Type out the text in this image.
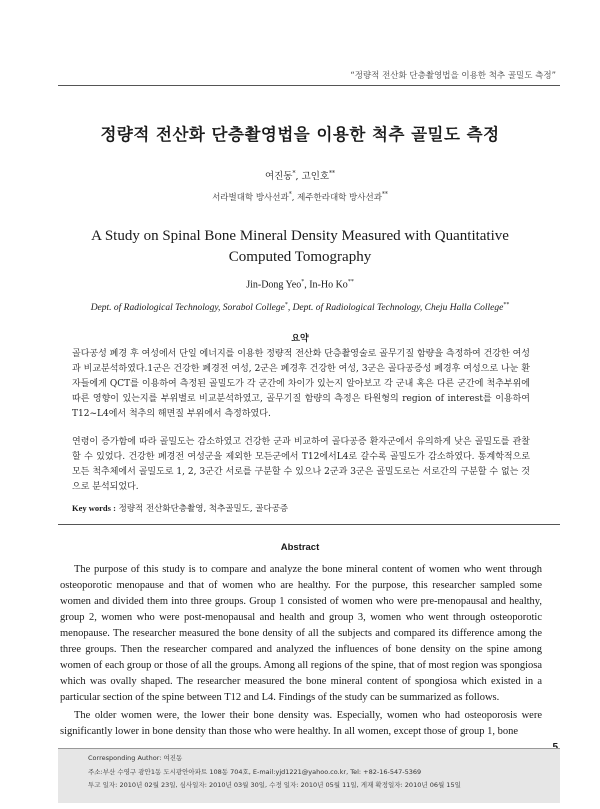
“정량적 전산화 단층촬영법을 이용한 척추 골밀도 측정”
정량적 전산화 단층촬영법을 이용한 척추 골밀도 측정
여진동*, 고인호**
서라벌대학 방사선과*, 제주한라대학 방사선과**
A Study on Spinal Bone Mineral Density Measured with Quantitative Computed Tomography
Jin-Dong Yeo*, In-Ho Ko**
Dept. of Radiological Technology, Sorabol College*, Dept. of Radiological Technology, Cheju Halla College**
요약

골다공성 폐경 후 여성에서 단일 에너지를 이용한 정량적 전산화 단층촬영술로 골무기질 함량을 측정하여 건강한 여성과 비교분석하였다.1군은 건강한 폐경전 여성, 2군은 폐경후 건강한 여성, 3군은 골다공증성 폐경후 여성으로 나눈 환자들에게 QCT를 이용하여 측정된 골밀도가 각 군간에 차이가 있는지 알아보고 각 군내 혹은 다른 군간에 척추부위에 따른 영향이 있는지를 부위별로 비교분석하였고, 골무기질 함량의 측정은 타원형의 region of interest를 이용하여 T12~L4에서 척추의 해면질 부위에서 측정하였다.

연령이 증가함에 따라 골밀도는 감소하였고 건강한 군과 비교하여 골다공증 환자군에서 유의하게 낮은 골밀도를 관찰 할 수 있었다. 건강한 폐경전 여성군을 제외한 모든군에서 T12에서L4로 갈수록 골밀도가 감소하였다. 통계학적으로 모든 척추체에서 골밀도로 1, 2, 3군간 서로를 구분할 수 있으나 2군과 3군은 골밀도로는 서로간의 구분할 수 없는 것으로 분석되었다.

Key words : 정량적 전산화단층촬영, 척추골밀도, 골다공증
Abstract

The purpose of this study is to compare and analyze the bone mineral content of women who went through osteoporotic menopause and that of women who are healthy. For the purpose, this researcher sampled some women and divided them into three groups. Group 1 consisted of women who were pre-menopausal and healthy, group 2, women who were post-menopausal and health and group 3, women who went through osteoporotic menopause. The researcher measured the bone density of all the subjects and compared its difference among the three groups. Then the researcher compared and analyzed the influences of bone density on the spine among women of each group or those of all the groups. Among all regions of the spine, that of most region was spongiosa which was ovally shaped. The researcher measured the bone mineral content of spongiosa which existed in a particular section of the spine between T12 and L4. Findings of the study can be summarized as follows.

The older women were, the lower their bone density was. Especially, women who had osteoporosis were significantly lower in bone density than those who were healthy. In all women, except those of group 1, bone

Corresponding Author: 여진동
주소:부산 수영구 광안1동 도시광안아파트 108동 704호, E-mail:yjd1221@yahoo.co.kr, Tel: +82-16-547-5369
투고 일자: 2010년 02월 23일, 심사일자: 2010년 03월 30일, 수정 일자: 2010년 05월 11일, 게재 확정일자: 2010년 06월 15일
